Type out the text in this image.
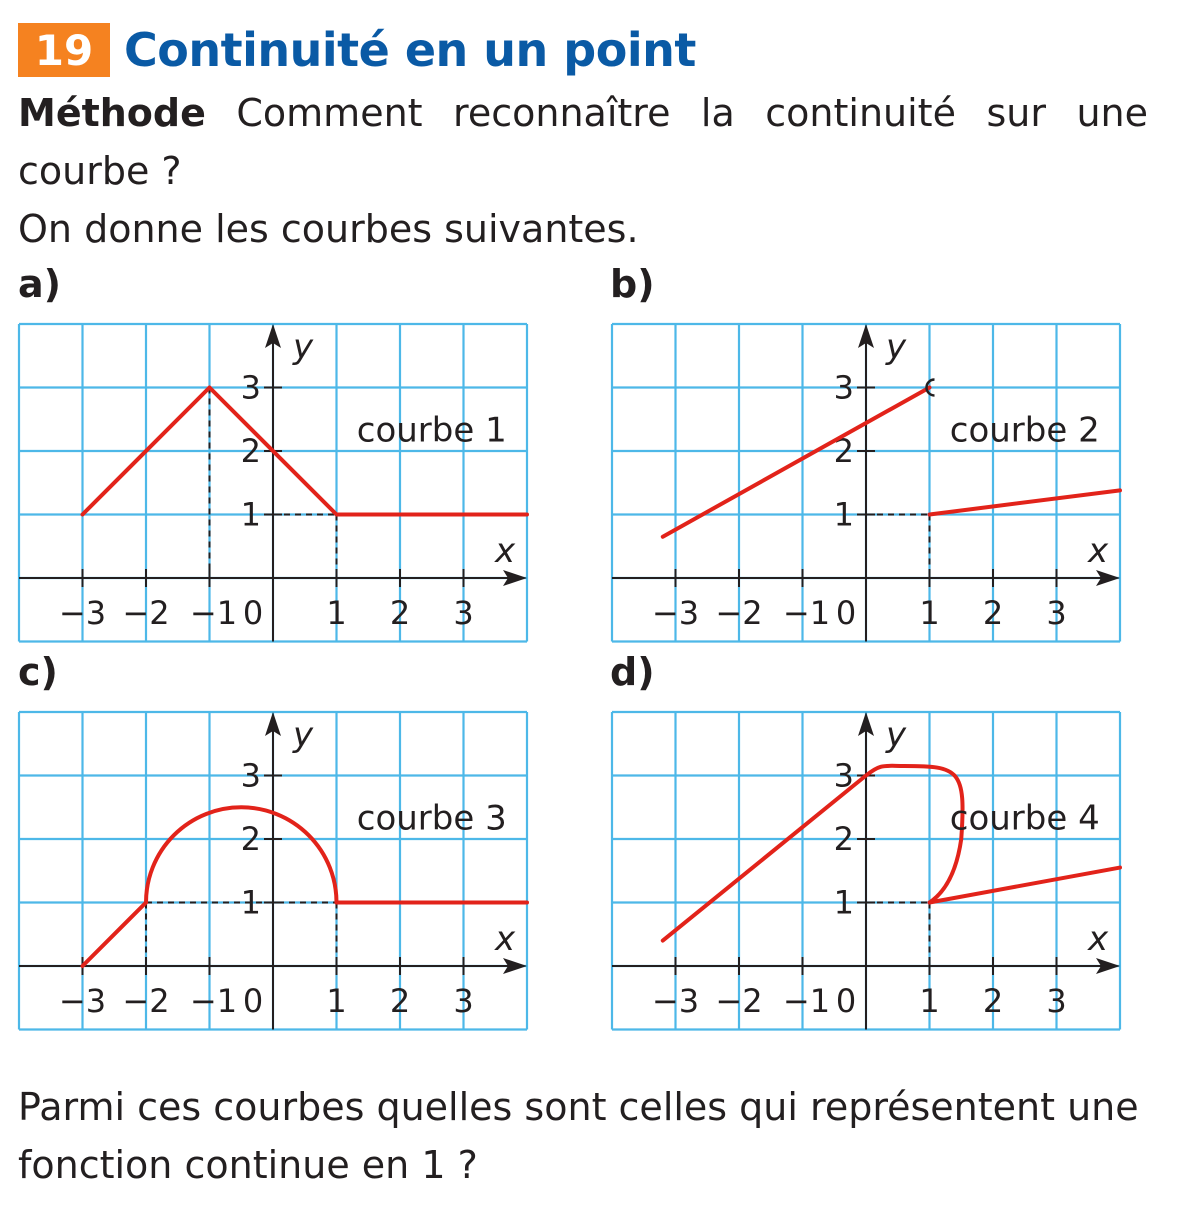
19 Continuité en un point
Méthode Comment reconnaître la continuité sur une courbe ?
On donne les courbes suivantes.
a)	b)
c)	d)
−3 −2 −1 0 1 2 3
1
2
3
x
y
courbe 1
−3 −2 −1 0 1 2 3
1
2
3
x
y
courbe 2
−3 −2 −1 0 1 2 3
1
2
3
x
y
courbe 3
−3 −2 −1 0 1 2 3
1
2
3
x
y
courbe 4
Parmi ces courbes quelles sont celles qui représentent une fonction continue en 1 ?
